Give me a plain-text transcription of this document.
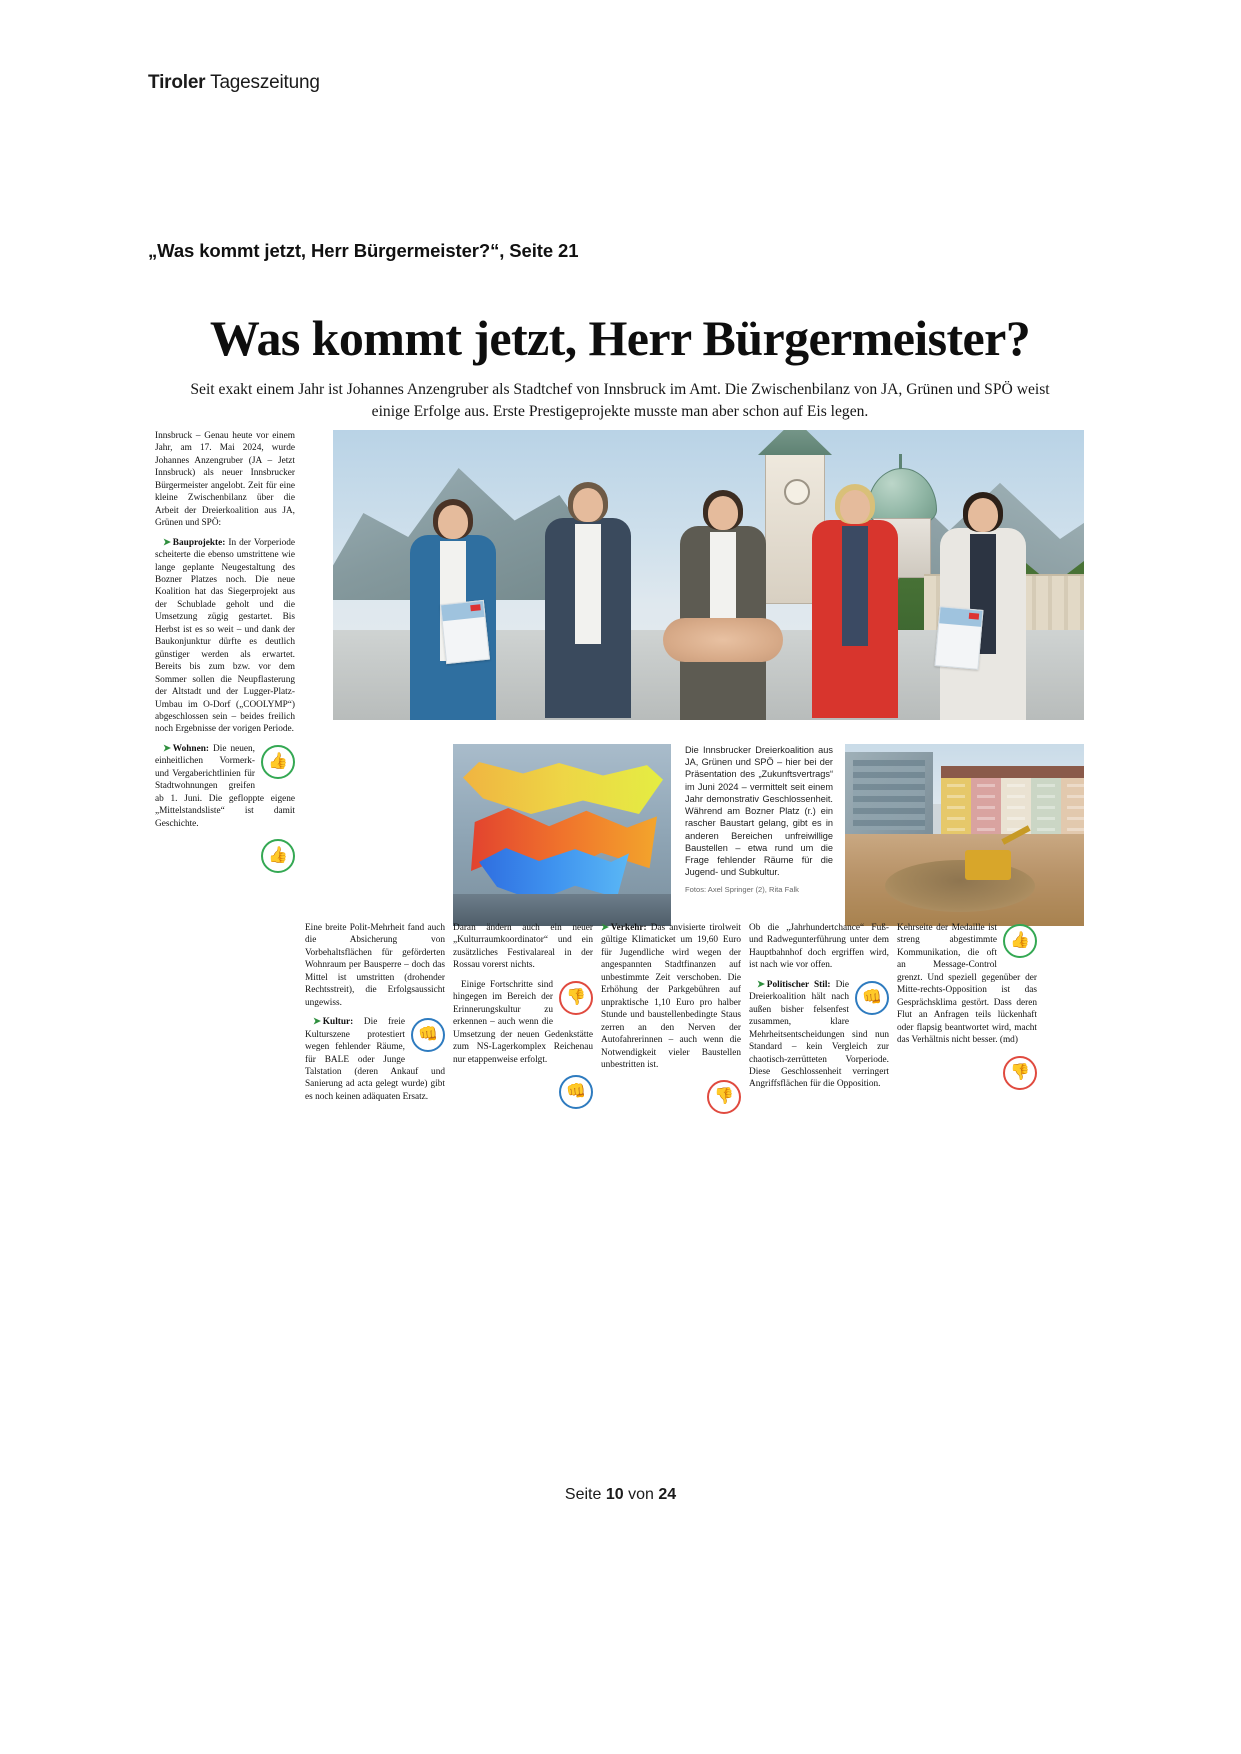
Tiroler Tageszeitung
„Was kommt jetzt, Herr Bürgermeister?“, Seite 21
Was kommt jetzt, Herr Bürgermeister?
Seit exakt einem Jahr ist Johannes Anzengruber als Stadtchef von Innsbruck im Amt. Die Zwischenbilanz von JA, Grünen und SPÖ weist einige Erfolge aus. Erste Prestigeprojekte musste man aber schon auf Eis legen.

Innsbruck – Genau heute vor einem Jahr, am 17. Mai 2024, wurde Johannes Anzengruber (JA – Jetzt Innsbruck) als neuer Innsbrucker Bürgermeister angelobt. Zeit für eine kleine Zwischenbilanz über die Arbeit der Dreierkoalition aus JA, Grünen und SPÖ:

➤ Bauprojekte: In der Vorperiode scheiterte die ebenso umstrittene wie lange geplante Neugestaltung des Bozner Platzes noch. Die neue Koalition hat das Siegerprojekt aus der Schublade geholt und die Umsetzung zügig gestartet. Bis Herbst ist es so weit – und dank der Baukonjunktur dürfte es deutlich günstiger werden als erwartet. Bereits bis zum bzw. vor dem Sommer sollen die Neupflasterung der Altstadt und der Lugger-Platz-Umbau im O-Dorf („COOLYMP“) abgeschlossen sein – beides freilich noch Ergebnisse der vorigen Periode.

👍

➤ Wohnen: Die neuen, einheitlichen Vormerk- und Vergaberichtlinien für Stadtwohnungen greifen ab 1. Juni. Die gefloppte eigene „Mittelstandsliste“ ist damit Geschichte.

👍
Die Innsbrucker Dreierkoalition aus JA, Grünen und SPÖ – hier bei der Präsentation des „Zukunftsvertrags“ im Juni 2024 – vermittelt seit einem Jahr demonstrativ Geschlossenheit. Während am Bozner Platz (r.) ein rascher Baustart gelang, gibt es in anderen Bereichen unfreiwillige Baustellen – etwa rund um die Frage fehlender Räume für die Jugend- und Subkultur.
Fotos: Axel Springer (2), Rita Falk

Eine breite Polit-Mehrheit fand auch die Absicherung von Vorbehaltsflächen für geförderten Wohnraum per Bausperre – doch das Mittel ist umstritten (drohender Rechtsstreit), die Erfolgsaussicht ungewiss.

👊

➤ Kultur: Die freie Kulturszene protestiert wegen fehlender Räume, für BALE oder Junge Talstation (deren Ankauf und Sanierung ad acta gelegt wurde) gibt es noch keinen adäquaten Ersatz.

Daran ändern auch ein neuer „Kulturraumkoordinator“ und ein zusätzliches Festivalareal in der Rossau vorerst nichts.

👎

Einige Fortschritte sind hingegen im Bereich der Erinnerungskultur zu erkennen – auch wenn die Umsetzung der neuen Gedenkstätte zum NS-Lagerkomplex Reichenau nur etappenweise erfolgt.

👊

➤ Verkehr: Das anvisierte tirolweit gültige Klimaticket um 19,60 Euro für Jugendliche wird wegen der angespannten Stadtfinanzen auf unbestimmte Zeit verschoben. Die Erhöhung der Parkgebühren auf unpraktische 1,10 Euro pro halber Stunde und baustellenbedingte Staus zerren an den Nerven der Autofahrerinnen – auch wenn die Notwendigkeit vieler Baustellen unbestritten ist.

👎

Ob die „Jahrhundertchance“ Fuß- und Radwegunterführung unter dem Hauptbahnhof doch ergriffen wird, ist nach wie vor offen.

👊

➤ Politischer Stil: Die Dreierkoalition hält nach außen bisher felsenfest zusammen, klare Mehrheitsentscheidungen sind nun Standard – kein Vergleich zur chaotisch-zerrütteten Vorperiode. Diese Geschlossenheit verringert Angriffsflächen für die Opposition.

👍

Kehrseite der Medaille ist streng abgestimmte Kommunikation, die oft an Message-Control grenzt. Und speziell gegenüber der Mitte-rechts-Opposition ist das Gesprächsklima gestört. Dass deren Flut an Anfragen teils lückenhaft oder flapsig beantwortet wird, macht das Verhältnis nicht besser. (md)

👎
Seite 10 von 24
